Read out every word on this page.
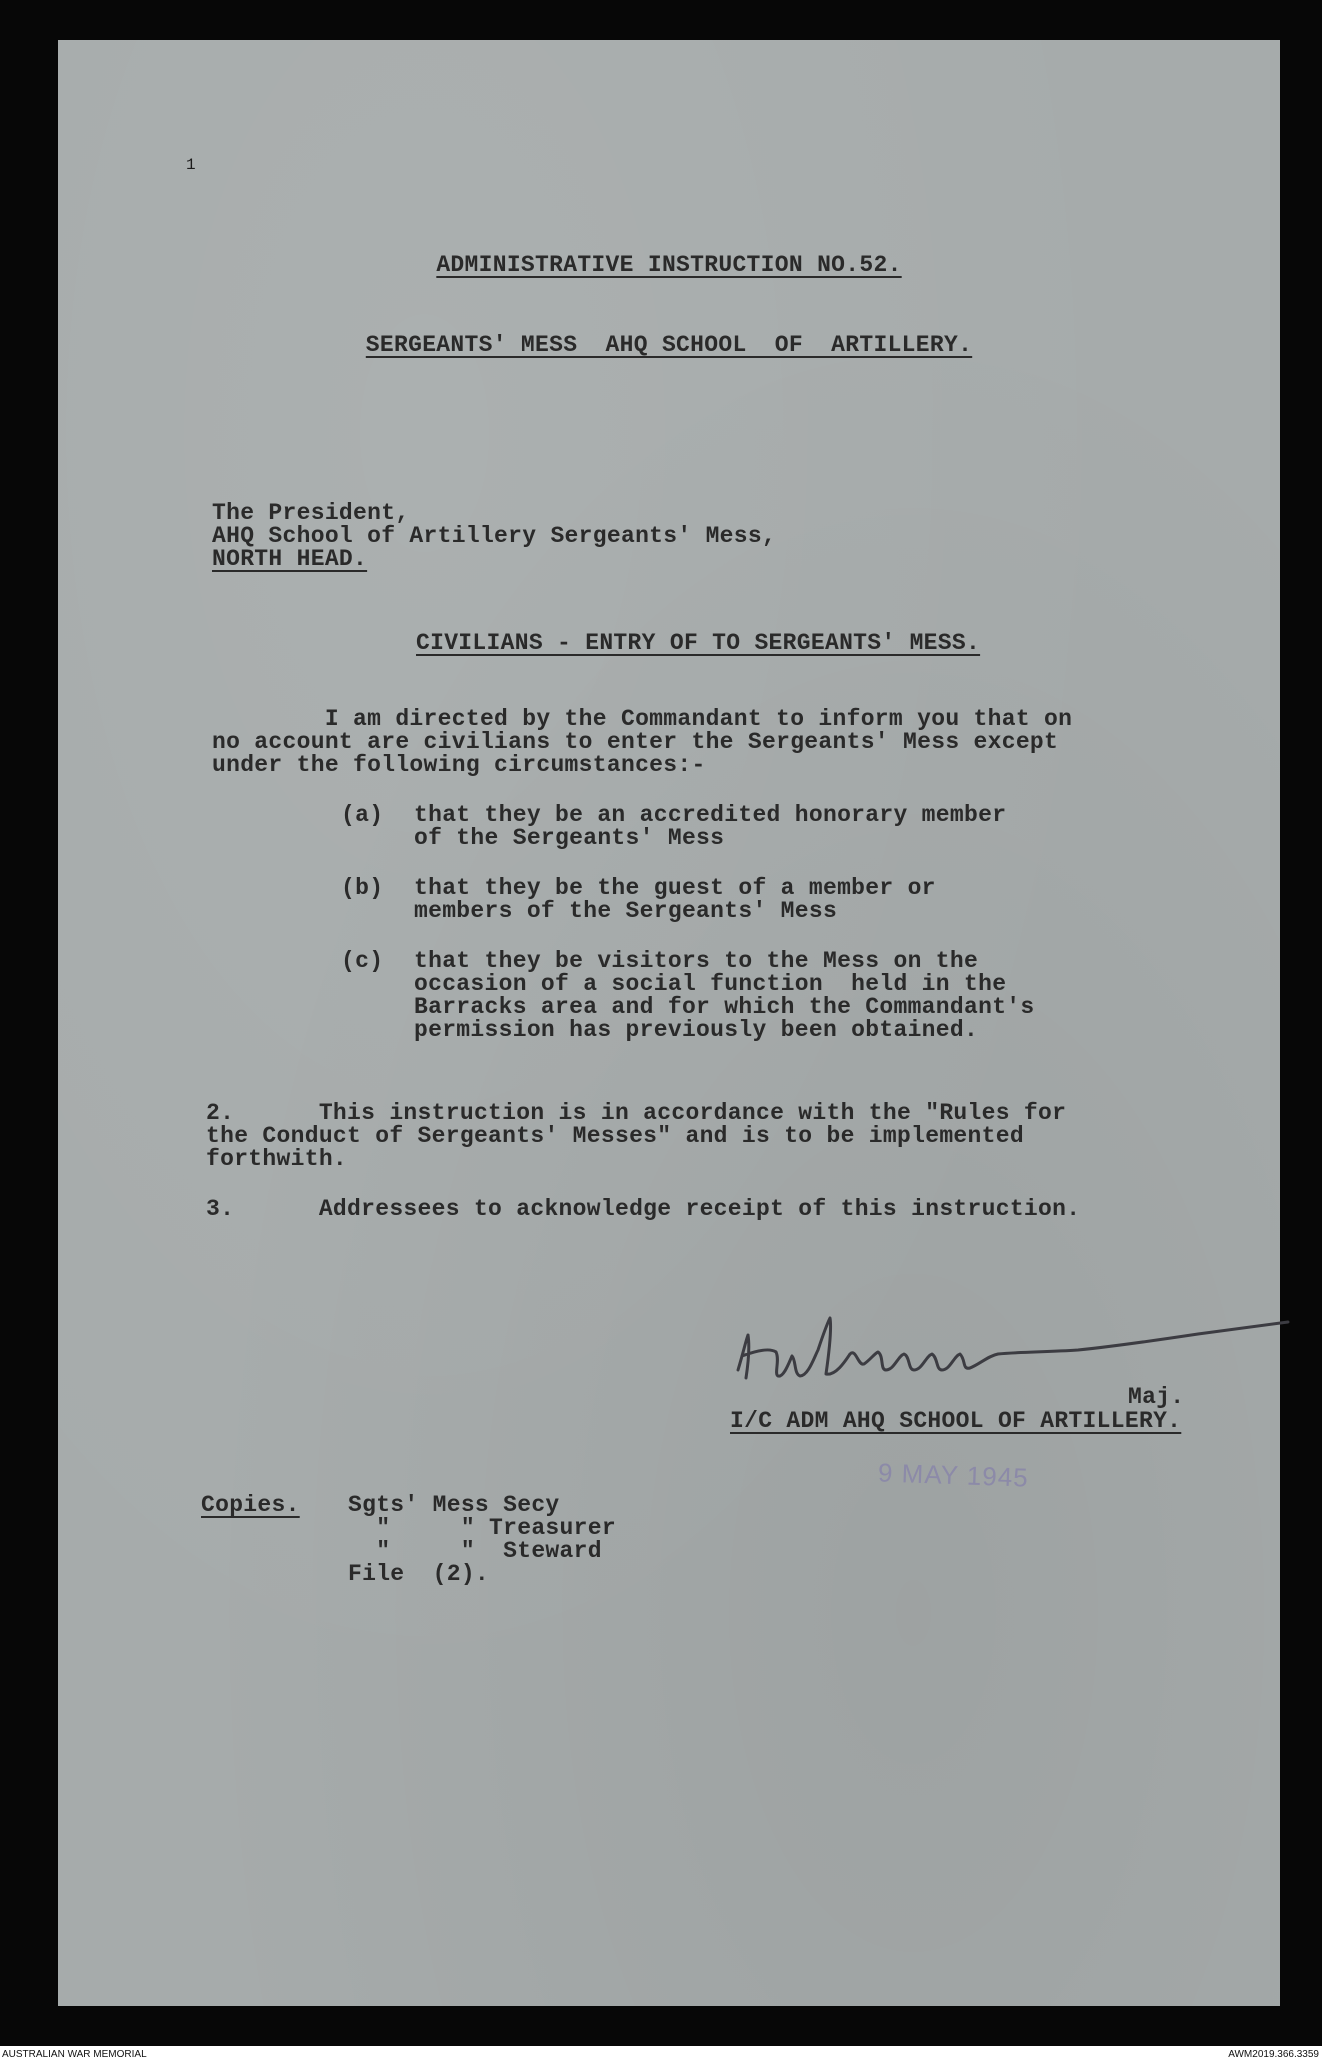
1

ADMINISTRATIVE INSTRUCTION NO.52.

SERGEANTS' MESS  AHQ SCHOOL  OF  ARTILLERY.

The President,

AHQ School of Artillery Sergeants' Mess,

NORTH HEAD.

CIVILIANS - ENTRY OF TO SERGEANTS' MESS.

I am directed by the Commandant to inform you that on

no account are civilians to enter the Sergeants' Mess except

under the following circumstances:-

(a) that they be an accredited honorary member

of the Sergeants' Mess

(b) that they be the guest of a member or

members of the Sergeants' Mess

(c) that they be visitors to the Mess on the

occasion of a social function  held in the

Barracks area and for which the Commandant's

permission has previously been obtained.

2.      This instruction is in accordance with the "Rules for

the Conduct of Sergeants' Messes" and is to be implemented

forthwith.

3.      Addressees to acknowledge receipt of this instruction.

Maj.

I/C ADM AHQ SCHOOL OF ARTILLERY.

9 MAY 1945

Copies. Sgts' Mess Secy

"     " Treasurer

"     "  Steward

File  (2).

AUSTRALIAN WAR MEMORIAL	AWM2019.366.3359
